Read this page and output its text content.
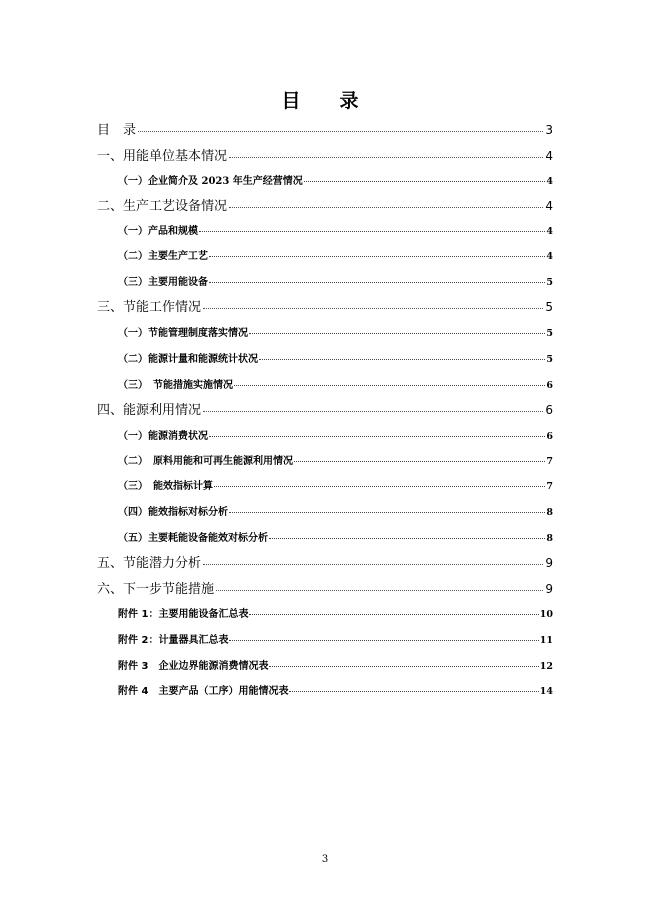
目　录
目　录	3
一、用能单位基本情况	4
（一）企业简介及 2023 年生产经营情况	4
二、生产工艺设备情况	4
（一）产品和规模	4
（二）主要生产工艺	4
（三）主要用能设备	5
三、节能工作情况	5
（一）节能管理制度落实情况	5
（二）能源计量和能源统计状况	5
（三）　节能措施实施情况	6
四、能源利用情况	6
（一）能源消费状况	6
（二）　原料用能和可再生能源利用情况	7
（三）　能效指标计算	7
（四）能效指标对标分析	8
（五）主要耗能设备能效对标分析	8
五、节能潜力分析	9
六、下一步节能措施	9
附件 1：主要用能设备汇总表	10
附件 2：计量器具汇总表	11
附件 3　企业边界能源消费情况表	12
附件 4　主要产品（工序）用能情况表	14
3
